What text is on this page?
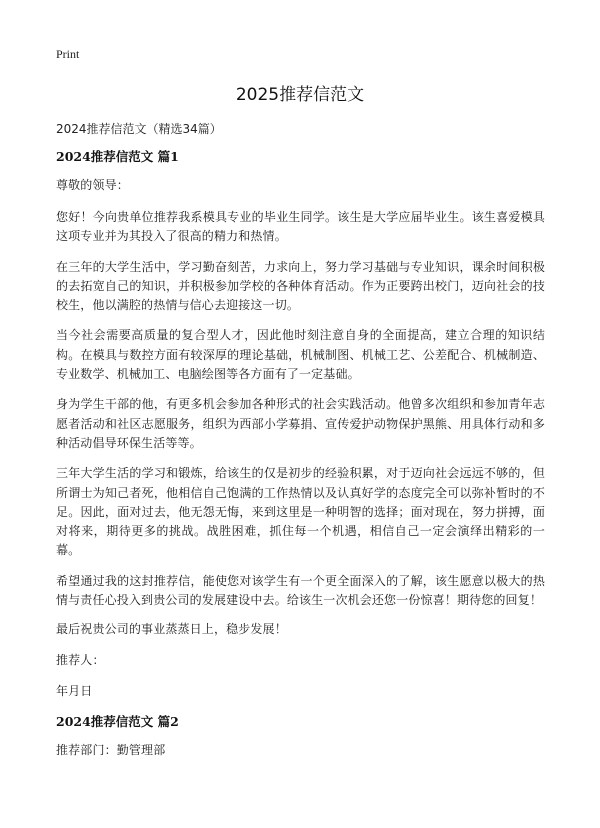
Print
2025推荐信范文
2024推荐信范文（精选34篇）
2024推荐信范文 篇1
尊敬的领导：
您好！今向贵单位推荐我系模具专业的毕业生同学。该生是大学应届毕业生。该生喜爱模具这项专业并为其投入了很高的精力和热情。
在三年的大学生活中，学习勤奋刻苦，力求向上，努力学习基础与专业知识，课余时间积极的去拓宽自己的知识，并积极参加学校的各种体育活动。作为正要跨出校门，迈向社会的技校生，他以满腔的热情与信心去迎接这一切。
当今社会需要高质量的复合型人才，因此他时刻注意自身的全面提高，建立合理的知识结构。在模具与数控方面有较深厚的理论基础，机械制图、机械工艺、公差配合、机械制造、专业数学、机械加工、电脑绘图等各方面有了一定基础。
身为学生干部的他，有更多机会参加各种形式的社会实践活动。他曾多次组织和参加青年志愿者活动和社区志愿服务，组织为西部小学募捐、宣传爱护动物保护黑熊、用具体行动和多种活动倡导环保生活等等。
三年大学生活的学习和锻炼，给该生的仅是初步的经验积累，对于迈向社会远远不够的，但所谓士为知己者死，他相信自己饱满的工作热情以及认真好学的态度完全可以弥补暂时的不足。因此，面对过去，他无怨无悔，来到这里是一种明智的选择；面对现在，努力拼搏，面对将来，期待更多的挑战。战胜困难，抓住每一个机遇，相信自己一定会演绎出精彩的一幕。
希望通过我的这封推荐信，能使您对该学生有一个更全面深入的了解，该生愿意以极大的热情与责任心投入到贵公司的发展建设中去。给该生一次机会还您一份惊喜！期待您的回复！
最后祝贵公司的事业蒸蒸日上，稳步发展！
推荐人：
年月日
2024推荐信范文 篇2
推荐部门：勤管理部
